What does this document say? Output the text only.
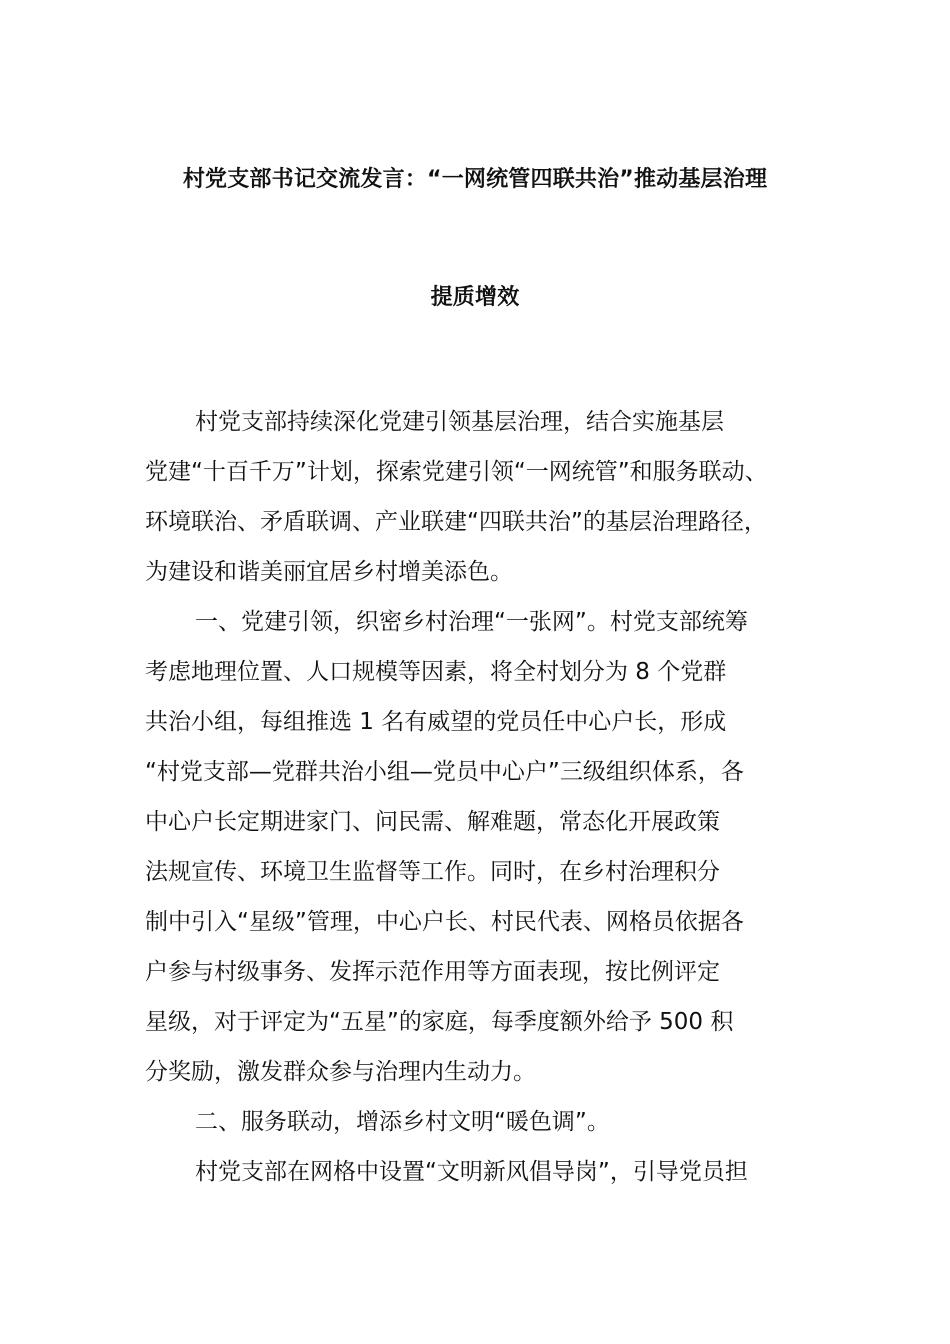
村党支部书记交流发言：“一网统管四联共治”推动基层治理
提质增效
村党支部持续深化党建引领基层治理，结合实施基层
党建“十百千万”计划，探索党建引领“一网统管”和服务联动、
环境联治、矛盾联调、产业联建“四联共治”的基层治理路径，
为建设和谐美丽宜居乡村增美添色。
一、党建引领，织密乡村治理“一张网”。村党支部统筹
考虑地理位置、人口规模等因素，将全村划分为 8 个党群
共治小组，每组推选 1 名有威望的党员任中心户长，形成
“村党支部—党群共治小组—党员中心户”三级组织体系，各
中心户长定期进家门、问民需、解难题，常态化开展政策
法规宣传、环境卫生监督等工作。同时，在乡村治理积分
制中引入“星级”管理，中心户长、村民代表、网格员依据各
户参与村级事务、发挥示范作用等方面表现，按比例评定
星级，对于评定为“五星”的家庭，每季度额外给予 500 积
分奖励，激发群众参与治理内生动力。
二、服务联动，增添乡村文明“暖色调”。
村党支部在网格中设置“文明新风倡导岗”，引导党员担
